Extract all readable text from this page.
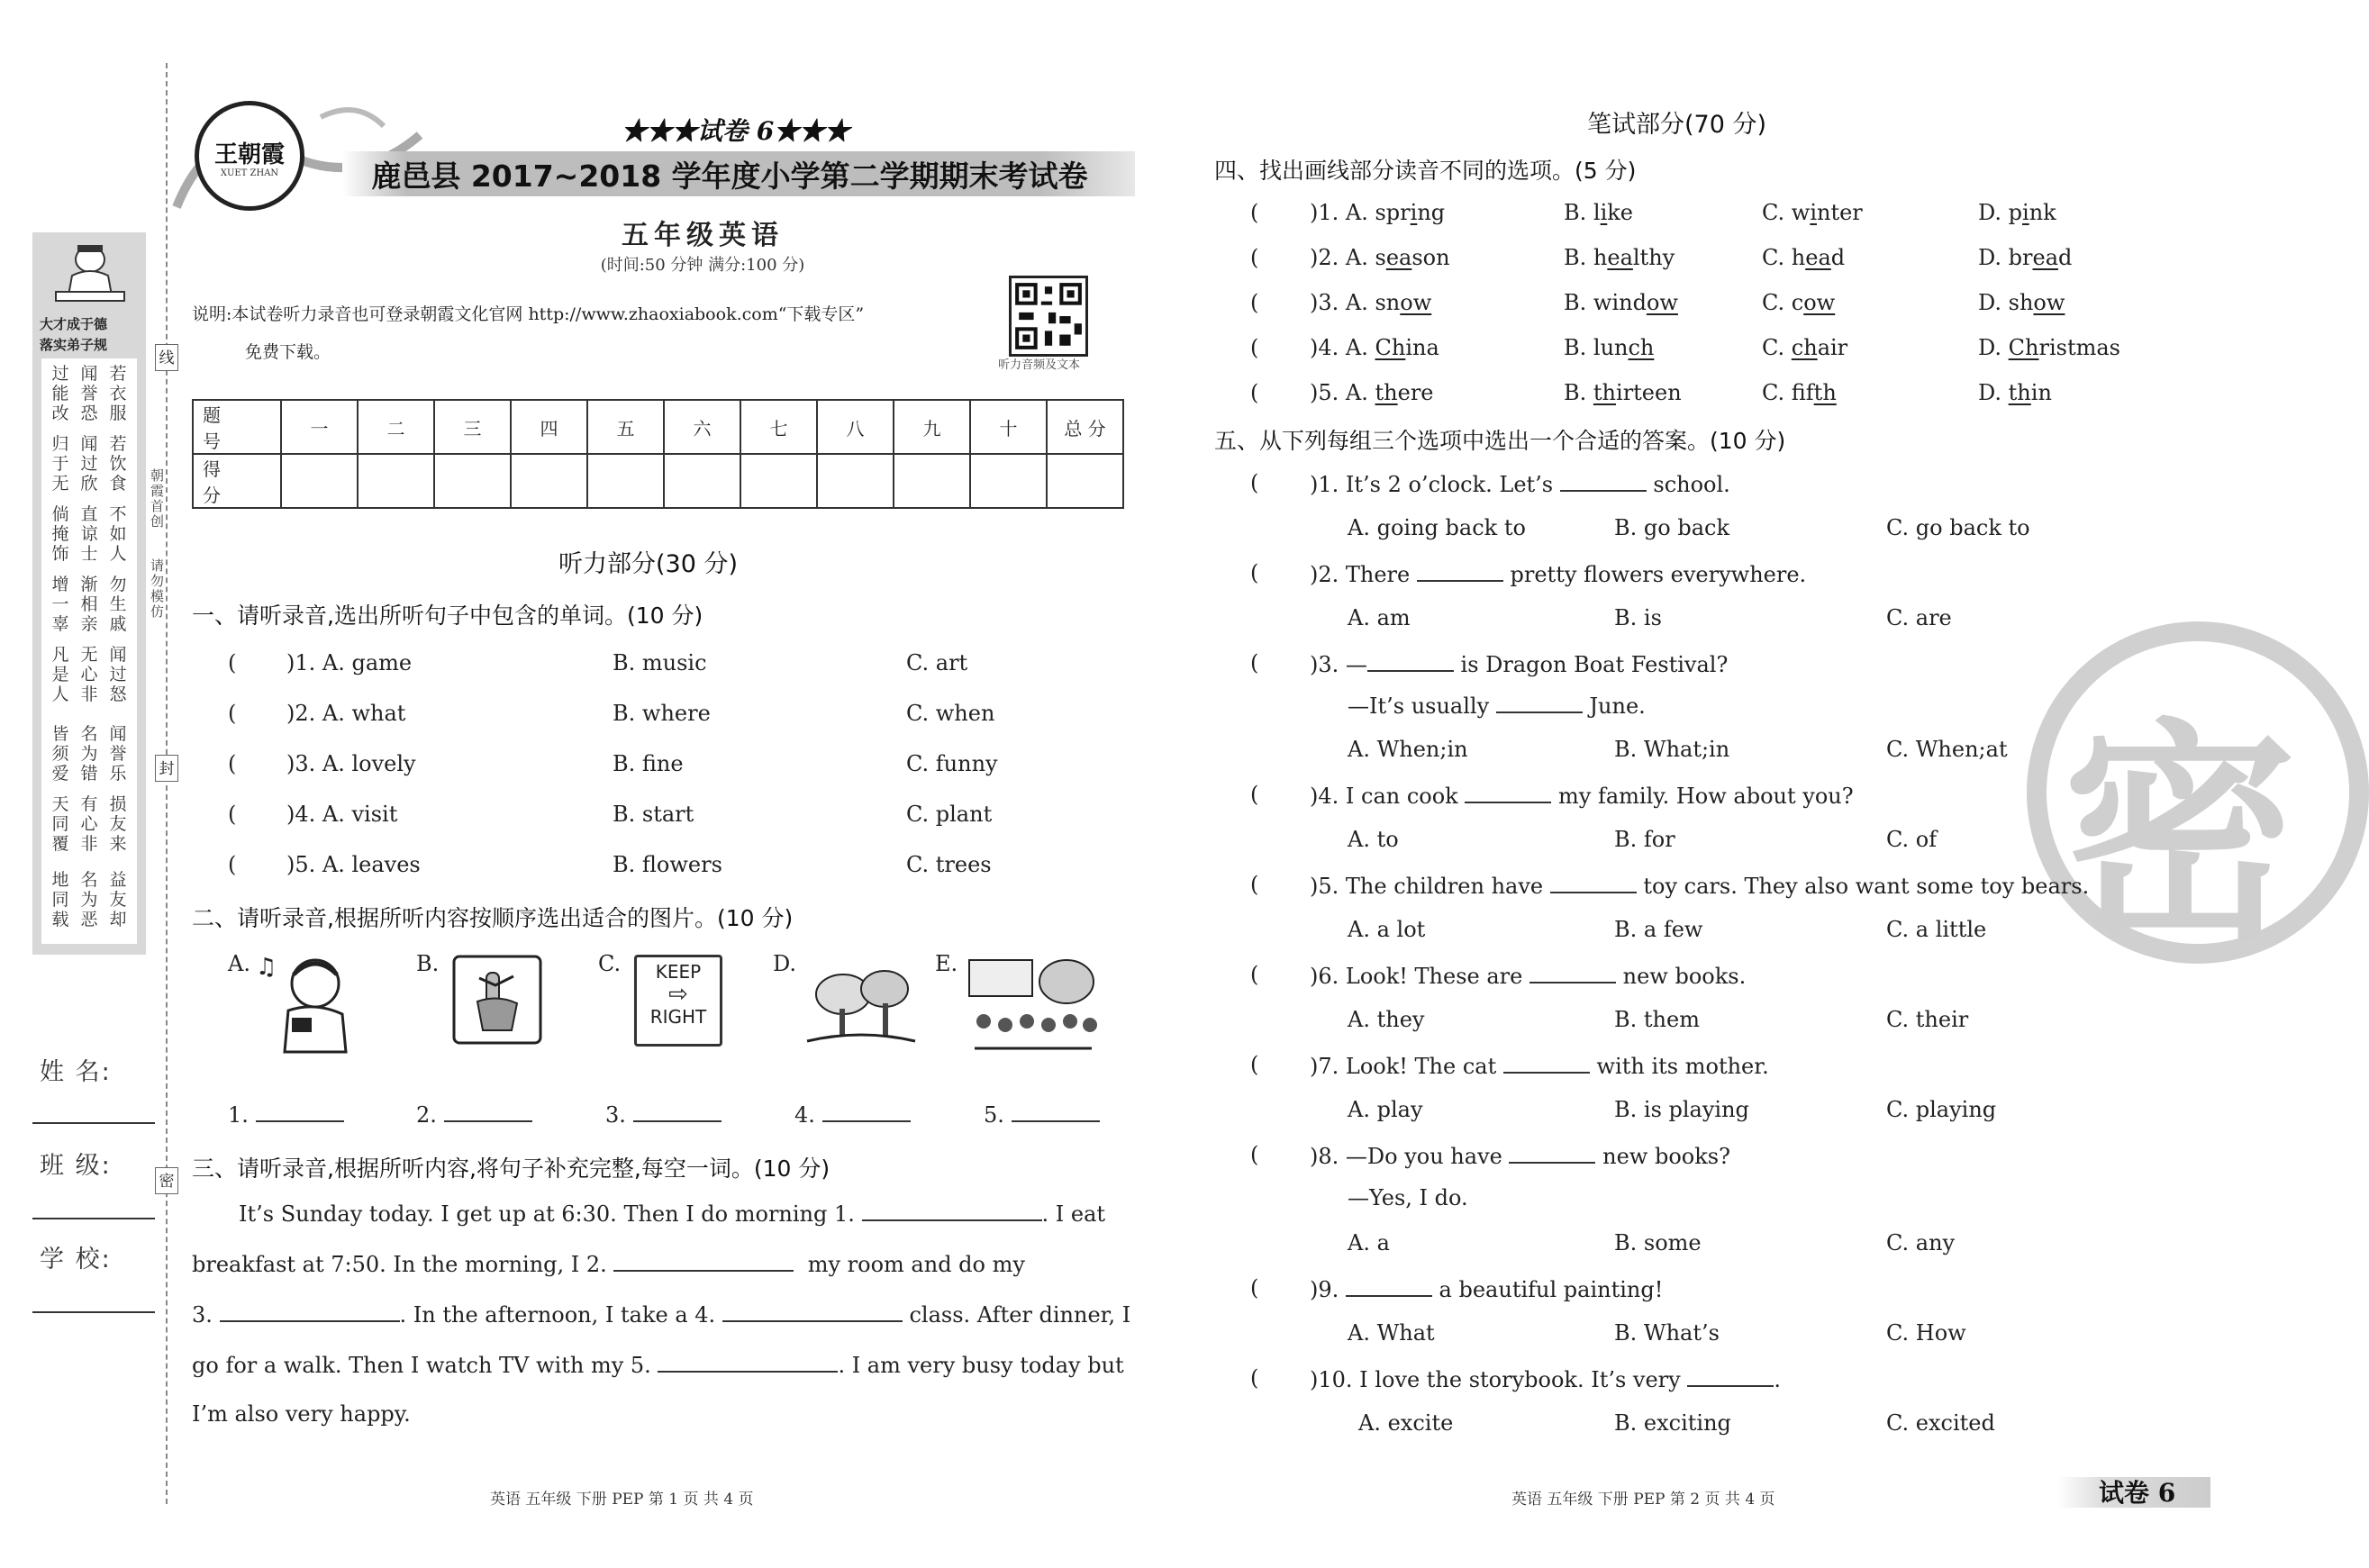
大才成于德
落实弟子规
过能改
闻誉恐
若衣服
归于无
闻过欣
若饮食
倘掩饰
直谅士
不如人
增一辜
渐相亲
勿生戚
凡是人
无心非
闻过怒
皆须爱
名为错
闻誉乐
天同覆
有心非
损友来
地同载
名为恶
益友却
姓 名:
班 级:
学 校:
线
封
密
朝霞首创
请勿模仿
王朝霞
XUET ZHAN
★★★试卷 6★★★
鹿邑县 2017~2018 学年度小学第二学期期末考试卷
五年级英语
(时间:50 分钟 满分:100 分)
说明:本试卷听力录音也可登录朝霞文化官网 http://www.zhaoxiabook.com“下载专区”
免费下载。
听力音频及文本
题 号	一	二	三	四	五	六	七	八	九	十	总 分
得 分											
听力部分(30 分)
一、请听录音,选出所听句子中包含的单词。(10 分)
( )1. A. game	B. music	C. art
( )2. A. what	B. where	C. when
( )3. A. lovely	B. fine	C. funny
( )4. A. visit	B. start	C. plant
( )5. A. leaves	B. flowers	C. trees
二、请听录音,根据所听内容按顺序选出适合的图片。(10 分)
A. ♫	B.	C.	KEEP
⇨
RIGHT
D.	E.
1.	2.	3.	4.	5.
三、请听录音,根据所听内容,将句子补充完整,每空一词。(10 分)
It’s Sunday today. I get up at 6:30. Then I do morning 1.	. I eat
breakfast at 7:50. In the morning, I 2.	my room and do my
3.	. In the afternoon, I take a 4.	class. After dinner, I
go for a walk. Then I watch TV with my 5.	. I am very busy today but
I’m also very happy.
英语 五年级 下册 PEP 第 1 页 共 4 页
密
笔试部分(70 分)
四、找出画线部分读音不同的选项。(5 分)
( )1. A. spring	B. like	C. winter	D. pink
( )2. A. season	B. healthy	C. head	D. bread
( )3. A. snow	B. window	C. cow	D. show
( )4. A. China	B. lunch	C. chair	D. Christmas
( )5. A. there	B. thirteen	C. fifth	D. thin
五、从下列每组三个选项中选出一个合适的答案。(10 分)
( )1. It’s 2 o’clock. Let’s	school.
A. going back to	B. go back	C. go back to
( )2. There	pretty flowers everywhere.
A. am	B. is	C. are
( )3. —	is Dragon Boat Festival?
—It’s usually	June.
A. When;in	B. What;in	C. When;at
( )4. I can cook	my family. How about you?
A. to	B. for	C. of
( )5. The children have	toy cars. They also want some toy bears.
A. a lot	B. a few	C. a little
( )6. Look! These are	new books.
A. they	B. them	C. their
( )7. Look! The cat	with its mother.
A. play	B. is playing	C. playing
( )8. —Do you have	new books?
—Yes, I do.
A. a	B. some	C. any
( )9.	a beautiful painting!
A. What	B. What’s	C. How
( )10. I love the storybook. It’s very	.
A. excite	B. exciting	C. excited
英语 五年级 下册 PEP 第 2 页 共 4 页	试卷 6
